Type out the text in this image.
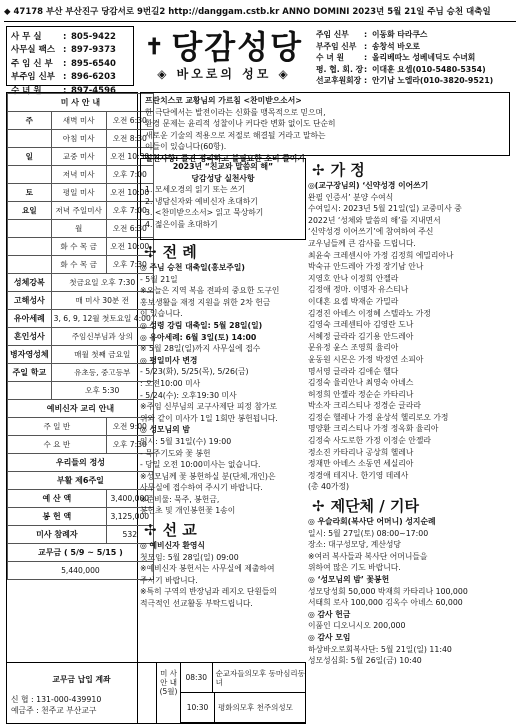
◆ 47178 부산 부산진구 당감서로 9번길2 http://danggam.cstb.kr ANNO DOMINI 2023년 5월 21일 주님 승천 대축일
사 무 실	: 805-9422
사무실 팩스 : 897-9373
주 임 신 부	: 895-6540
부주임 신부 : 896-6203
수 녀 원	: 897-4596
✝ 당감성당
◈ 바오로의 성모 ◈
주임 신부	: 이동화 타라쿠스
부주임 신부 : 송창석 바오로
수 녀 원	: 올리베따노 성베네딕도 수녀회
평. 협. 회. 장 : 이대훈 요셉(010-5480-5354)
선교후원회장 : 안기남 노엘라(010-3820-9521)
미 사 안 내		
주	새벽 미사	오전 6:30
	아침 미사	오전 8:30
일	교중 미사	오전 10:30
	저녁 미사	오후 7:00
토	평일 미사	오전 10:00
요일	저녁 주일미사	오후 7:00
	월	오전 6:30
	화 수 목 금	오전 10:00
	화 수 목 금	오후 7:30
성체강복	첫금요일 오후 7:30	
고해성사	매 미사 30분 전	
유아세례	3, 6, 9, 12월 첫토요일 4:00	
혼인성사	주임신부님과 상의	
병자영성체	매월 첫째 금요일	
주일 학교	유초등, 중고등부	
	오후 5:30	
예비신자 교리 안내		
주 일 반		오전 9:00
수 요 반		오후 7:30
우리들의 정성		
부활 제6주일		
예 산 액		3,400,000
봉 헌 액		3,125,000
미사 참례자		532
교무금 ( 5/9 ~ 5/15 )		
5,440,000		
프란치스코 교황님의 가르침 <찬미받으소서>
한 극단에서는 발전이라는 신화를 맹목적으로 믿으며,
환경 문제는 윤리적 성찰이나 커다란 변화 없이도 단순히
새로운 기술의 적용으로 저절로 해결될 거라고 말하는
이들이 있습니다(60항).
실천사항: 물건 정리하고 불필요한 소비 줄이기
2023년 “친교와 말씀의 해”
당감성당 실천사항
1. 모세오경의 읽기 또는 쓰기
2. 냉담신자와 예비신자 초대하기
3. <찬미받으소서> 읽고 묵상하기
4. 젊은이를 초대하기
✢ 전 례
◎ 주님 승천 대축일(홍보주일)
- 5월 21일
※오늘은 지역 복음 전파의 중요한 도구인
홍보생활을 재정 지원을 위한 2차 헌금
이 있습니다.
◎ 성령 강림 대축일: 5월 28일(일)
◎ 유아세례: 6월 3일(토) 14:00
※ 5월 28일(일)까지 사무실에 접수
◎ 평일미사 변경
- 5/23(화), 5/25(목), 5/26(금)
: 오전10:00 미사
- 5/24(수): 오후19:30 미사
※주임 신부님의 교구사제단 피정 참가로
위와 같이 미사가 1일 1회만 봉헌됩니다.
◎ 성모님의 밤
일시: 5월 31일(수) 19:00
- 묵주기도와 꽃 봉헌
- 당일 오전 10:00미사는 없습니다.
※성모님께 꽃 봉헌하실 분(단체,개인)은
사무실에 접수하여 주시기 바랍니다.
※준비물: 묵주, 봉헌금,
봉헌초 및 개인봉헌꽃 1송이
✢ 선 교
◎ 예비신자 환영식
첫모임: 5월 28일(일) 09:00
※예비신자 봉헌서는 사무실에 제출하여
주시기 바랍니다.
※특히 구역의 반장님과 레지오 단원들의
적극적인 선교활동 부탁드립니다.
교무금 납입 계좌
신 협 : 131-000-439910
예금주 : 천주교 부산교구
미 사 안 내 (5월)
08:30	순교자들의모후 동마심리동녀
10:30	평화의모후 천주의성모
✢ 가 정
◎(교구장님의) ‘신약성경 이어쓰기
완필 인증서’ 분양 수여식
수여일시: 2023년 5월 21일(일) 교중미사 중
2022년 ‘성체와 말씀의 해’를 지내면서
‘신약성경 이어쓰기’에 참여하여 주신
교우님들께 큰 감사를 드립니다.
최윤숙 크레센시아 가정 김정희 에밀리아나
박숙규 안드레아 가정 장기남 안나
지영호 안나 이정희 안젤라
김정애 정마. 이명자 유스티나
이대혼 요셉 박재순 가밀라
김경진 아녜스 이정혜 스텔라노 가정
김영숙 크레센티아 김영란 도나
서혜정 글라라 김기용 안드레아
문유정 윤스 조영희 율리아
윤동원 시몬은 가정 박정연 소피아
명서영 글라라 김애순 헬다
김정숙 율리안나 최영숙 아녜스
허정희 안젤라 정순순 카타리나
박소자 크리스티나 정경순 글라라
김정순 헬레나 가정 윤상석 헬리로오 가정
명양환 크리스티나 가정 정옥화 율리아
김정숙 사도로한 가정 이정순 안젤라
정소진 카타리나 공상희 헬레나
정재만 아녜스 소동연 세실리아
정경애 테지나. 한기영 데레사
(총 40가정)
✢ 제단체 / 기타
◎ 우슬라회(복사단 어머니) 성지순례
일시: 5월 27일(토) 08:00~17:00
장소: 대구성모당, 계산성당
※여러 복사들과 복사단 어머니들을
위하여 많은 기도 바랍니다.
◎ ‘성모님의 밤’ 꽃봉헌
성모당성회 50,000 박재희 카타리나 100,000
서태희 로사 100,000 김옥수 아녜스 60,000
◎ 감사 헌금
이품인 디오니시오 200,000
◎ 감사 모임
하상바오로회복사단: 5월 21일(일) 11:40
성모성심회: 5월 26일(금) 10:40
